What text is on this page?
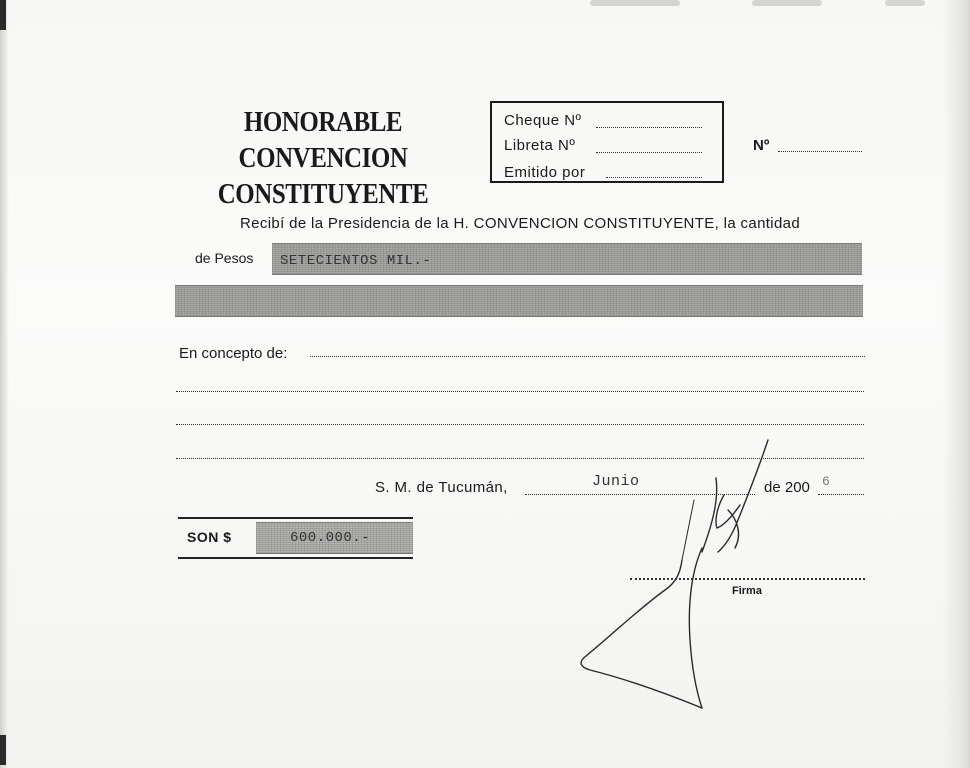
HONORABLE CONVENCION
CONSTITUYENTE
Cheque Nº
Libreta Nº
Emitido por
Nº
Recibí de la Presidencia de la H. CONVENCION CONSTITUYENTE, la cantidad
de Pesos SETECIENTOS MIL.-
En concepto de:
S. M. de Tucumán,	Junio	de 200 6
SON $	600.000.-
Firma
